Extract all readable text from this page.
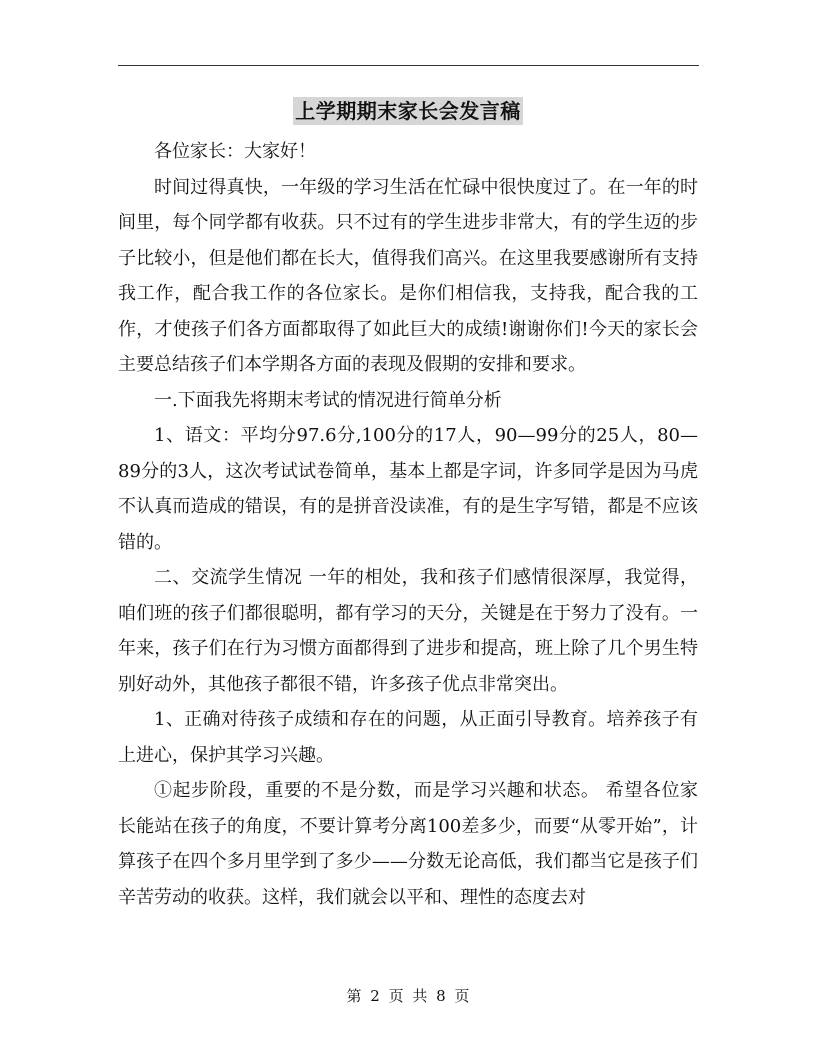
上学期期末家长会发言稿

各位家长：大家好！

时间过得真快，一年级的学习生活在忙碌中很快度过了。在一年的时间里，每个同学都有收获。只不过有的学生进步非常大，有的学生迈的步子比较小，但是他们都在长大，值得我们高兴。在这里我要感谢所有支持我工作，配合我工作的各位家长。是你们相信我，支持我，配合我的工作，才使孩子们各方面都取得了如此巨大的成绩!谢谢你们!今天的家长会主要总结孩子们本学期各方面的表现及假期的安排和要求。

一.下面我先将期末考试的情况进行简单分析

1、语文：平均分97.6分,100分的17人，90—99分的25人，80—89分的3人，这次考试试卷简单，基本上都是字词，许多同学是因为马虎不认真而造成的错误，有的是拼音没读准，有的是生字写错，都是不应该错的。

二、交流学生情况 一年的相处，我和孩子们感情很深厚，我觉得，咱们班的孩子们都很聪明，都有学习的天分，关键是在于努力了没有。一年来，孩子们在行为习惯方面都得到了进步和提高，班上除了几个男生特别好动外，其他孩子都很不错，许多孩子优点非常突出。

1、正确对待孩子成绩和存在的问题，从正面引导教育。培养孩子有上进心，保护其学习兴趣。

①起步阶段，重要的不是分数，而是学习兴趣和状态。 希望各位家长能站在孩子的角度，不要计算考分离100差多少，而要“从零开始”，计算孩子在四个多月里学到了多少——分数无论高低，我们都当它是孩子们辛苦劳动的收获。这样，我们就会以平和、理性的态度去对

第 2 页 共 8 页
